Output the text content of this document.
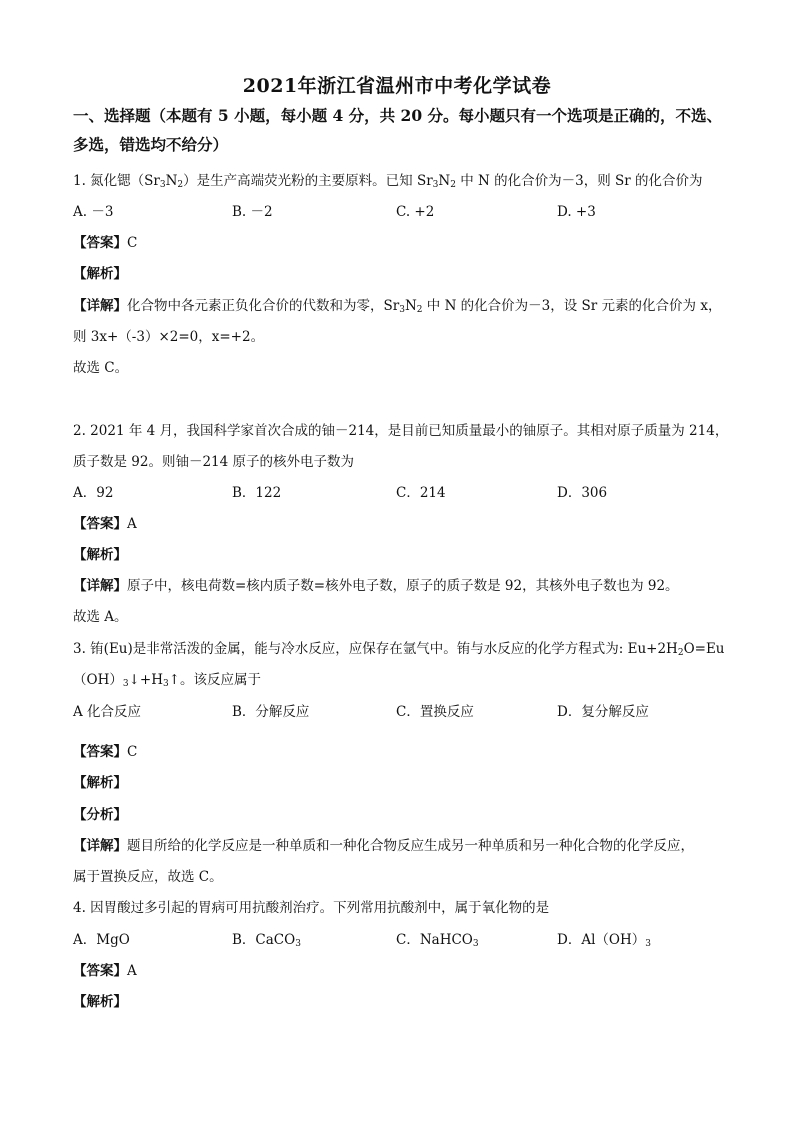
2021年浙江省温州市中考化学试卷
一、选择题（本题有 5 小题，每小题 4 分，共 20 分。每小题只有一个选项是正确的，不选、
多选，错选均不给分）
1. 氮化锶$(Sr_3N_2)$是生产高端荧光粉的主要原料。已知 $Sr_3N_2$ 中 N 的化合价为－3，则 Sr 的化合价为
A. －3	B. －2	C. +2	D. +3
【答案】C
【解析】
【详解】化合物中各元素正负化合价的代数和为零，$Sr_3N_2$ 中 N 的化合价为－3，设 Sr 元素的化合价为 x，
则 3x+（-3）×2=0，x=+2。
故选 C。
2. 2021 年 4 月，我国科学家首次合成的铀－214，是目前已知质量最小的铀原子。其相对原子质量为 214，
质子数是 92。则铀－214 原子的核外电子数为
A．92	B．122	C．214	D．306
【答案】A
【解析】
【详解】原子中，核电荷数=核内质子数=核外电子数，原子的质子数是 92，其核外电子数也为 92。
故选 A。
3. 铕(Eu)是非常活泼的金属，能与冷水反应，应保存在氩气中。铕与水反应的化学方程式为: $Eu+2H_2O=Eu$
$(OH)_3↓+H_3↑$。该反应属于
A 化合反应	B．分解反应	C．置换反应	D．复分解反应
【答案】C
【解析】
【分析】
【详解】题目所给的化学反应是一种单质和一种化合物反应生成另一种单质和另一种化合物的化学反应，
属于置换反应，故选 C。
4. 因胃酸过多引起的胃病可用抗酸剂治疗。下列常用抗酸剂中，属于氧化物的是
A．MgO	B．CaCO$_3$	C．NaHCO$_3$	D．$Al(OH)_3$
【答案】A
【解析】
